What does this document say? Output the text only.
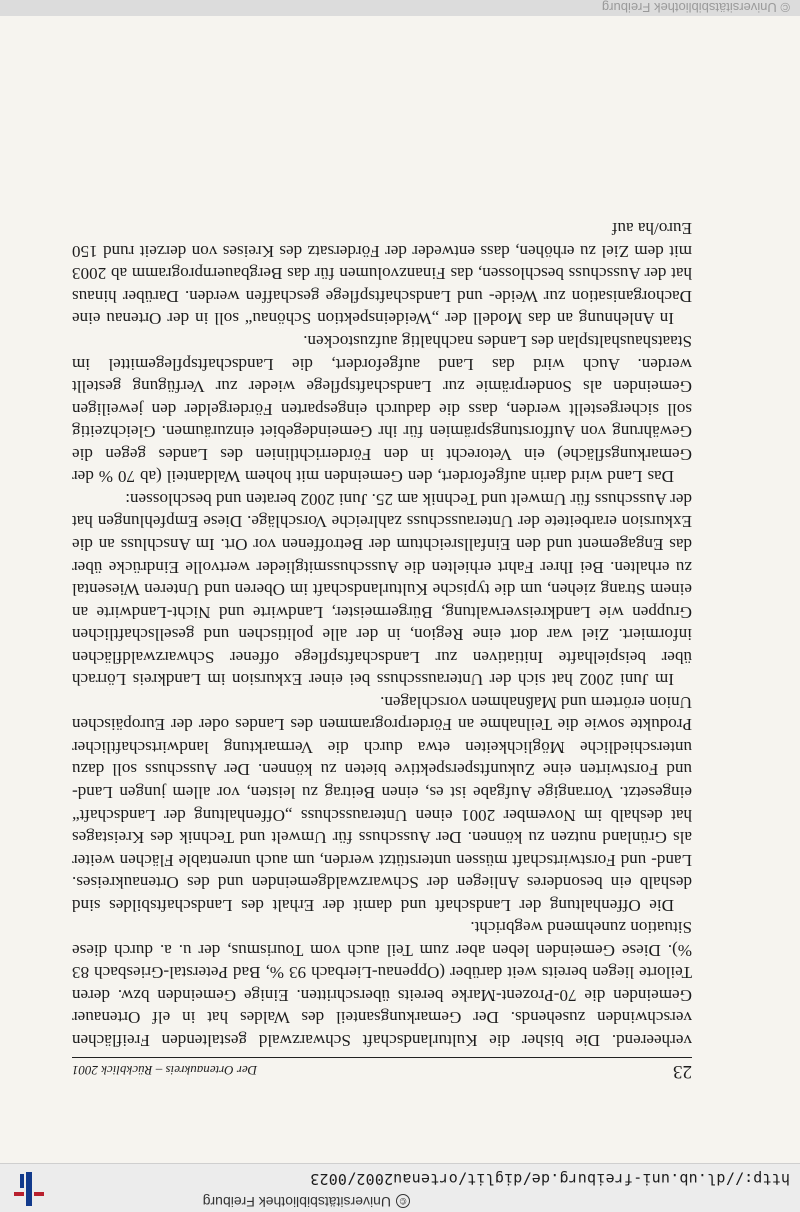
http://dl.ub.uni-freiburg.de/diglit/ortenau2002/0023
©Universitätsbibliothek Freiburg
23
Der Ortenaukreis – Rückblick 2001

verheerend. Die bisher die Kulturlandschaft Schwarzwald gestaltenden Freiflächen verschwinden zusehends. Der Gemarkungsanteil des Waldes hat in elf Ortenauer Gemeinden die 70-Prozent-Marke bereits überschritten. Einige Gemeinden bzw. deren Teilorte liegen bereits weit darüber (Oppenau-Lierbach 93 %, Bad Peterstal-Griesbach 83 %). Diese Gemeinden leben aber zum Teil auch vom Tourismus, der u. a. durch diese Situation zunehmend wegbricht.

Die Offenhaltung der Landschaft und damit der Erhalt des Landschaftsbildes sind deshalb ein besonderes Anliegen der Schwarzwaldgemeinden und des Ortenaukreises. Land- und Forstwirtschaft müssen unterstützt werden, um auch unrentable Flächen weiter als Grünland nutzen zu können. Der Ausschuss für Umwelt und Technik des Kreistages hat deshalb im November 2001 einen Unterausschuss „Offenhaltung der Landschaft“ eingesetzt. Vorrangige Aufgabe ist es, einen Beitrag zu leisten, vor allem jungen Land- und Forstwirten eine Zukunftsperspektive bieten zu können. Der Ausschuss soll dazu unterschiedliche Möglichkeiten etwa durch die Vermarktung landwirtschaftlicher Produkte sowie die Teilnahme an Förderprogrammen des Landes oder der Europäischen Union erörtern und Maßnahmen vorschlagen.

Im Juni 2002 hat sich der Unterausschuss bei einer Exkursion im Landkreis Lörrach über beispielhafte Initiativen zur Landschaftspflege offener Schwarzwaldflächen informiert. Ziel war dort eine Region, in der alle politischen und gesellschaftlichen Gruppen wie Landkreisverwaltung, Bürgermeister, Landwirte und Nicht-Landwirte an einem Strang ziehen, um die typische Kulturlandschaft im Oberen und Unteren Wiesental zu erhalten. Bei Ihrer Fahrt erhielten die Ausschussmitglieder wertvolle Eindrücke über das Engagement und den Einfallsreichtum der Betroffenen vor Ort. Im Anschluss an die Exkursion erarbeitete der Unterausschuss zahlreiche Vorschläge. Diese Empfehlungen hat der Ausschuss für Umwelt und Technik am 25. Juni 2002 beraten und beschlossen:

Das Land wird darin aufgefordert, den Gemeinden mit hohem Waldanteil (ab 70 % der Gemarkungsfläche) ein Vetorecht in den Förderrichtlinien des Landes gegen die Gewährung von Aufforstungsprämien für ihr Gemeindegebiet einzuräumen. Gleichzeitig soll sichergestellt werden, dass die dadurch eingesparten Fördergelder den jeweiligen Gemeinden als Sonderprämie zur Landschaftspflege wieder zur Verfügung gestellt werden. Auch wird das Land aufgefordert, die Landschaftspflegemittel im Staatshaushaltsplan des Landes nachhaltig aufzustocken.

In Anlehnung an das Modell der „Weideinspektion Schönau“ soll in der Ortenau eine Dachorganisation zur Weide- und Landschaftspflege geschaffen werden. Darüber hinaus hat der Ausschuss beschlossen, das Finanzvolumen für das Bergbauernprogramm ab 2003 mit dem Ziel zu erhöhen, dass entweder der Fördersatz des Kreises von derzeit rund 150 Euro/ha auf

© Universitätsbibliothek Freiburg
